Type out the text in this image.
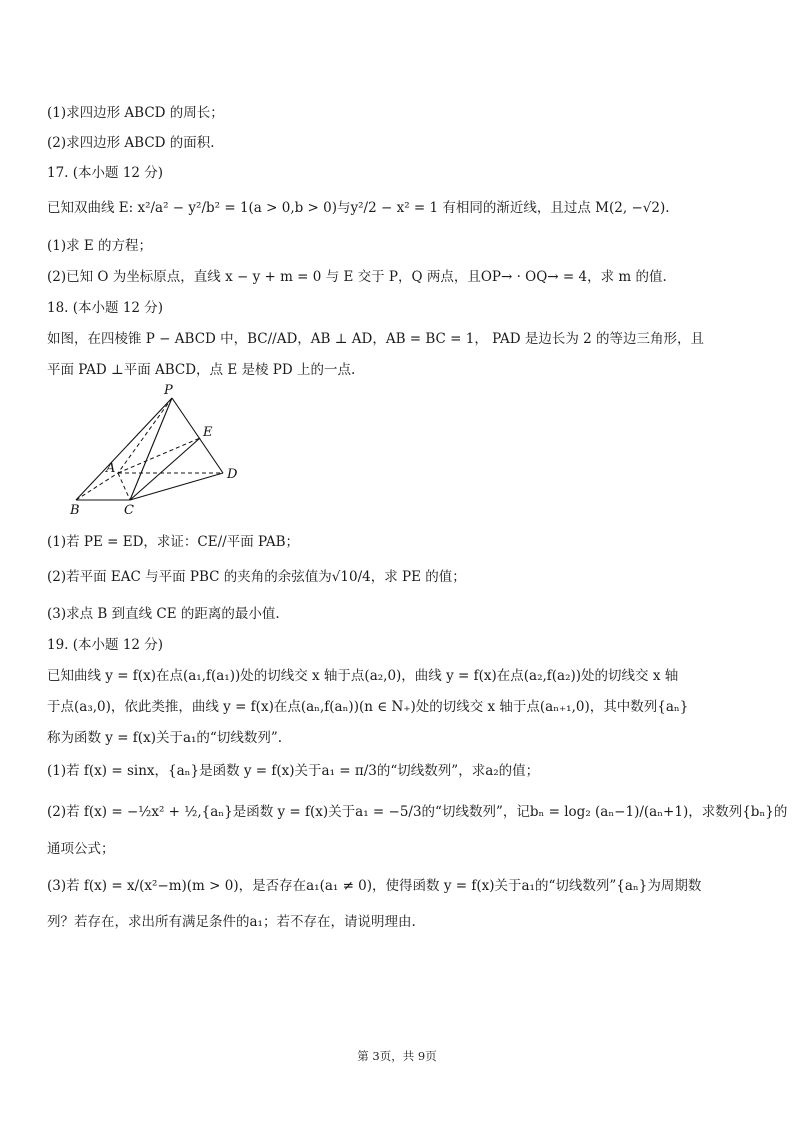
(1)求四边形 ABCD 的周长；
(2)求四边形 ABCD 的面积.
17. (本小题 12 分)
已知双曲线 E: x²/a² − y²/b² = 1(a > 0,b > 0)与y²/2 − x² = 1 有相同的渐近线，且过点 M(2, −√2).
(1)求 E 的方程；
(2)已知 O 为坐标原点，直线 x − y + m = 0 与 E 交于 P，Q 两点，且OP→ · OQ→ = 4，求 m 的值.
18. (本小题 12 分)
如图，在四棱锥 P − ABCD 中，BC//AD，AB ⊥ AD，AB = BC = 1， PAD 是边长为 2 的等边三角形，且
平面 PAD ⊥平面 ABCD，点 E 是棱 PD 上的一点.
P
E
A	D
B	C
(1)若 PE = ED，求证：CE//平面 PAB；
(2)若平面 EAC 与平面 PBC 的夹角的余弦值为√10/4，求 PE 的值；
(3)求点 B 到直线 CE 的距离的最小值.
19. (本小题 12 分)
已知曲线 y = f(x)在点(a₁,f(a₁))处的切线交 x 轴于点(a₂,0)，曲线 y = f(x)在点(a₂,f(a₂))处的切线交 x 轴
于点(a₃,0)，依此类推，曲线 y = f(x)在点(aₙ,f(aₙ))(n ∈ N₊)处的切线交 x 轴于点(aₙ₊₁,0)，其中数列{aₙ}
称为函数 y = f(x)关于a₁的“切线数列”.
(1)若 f(x) = sinx，{aₙ}是函数 y = f(x)关于a₁ = π/3的“切线数列”，求a₂的值；
(2)若 f(x) = −½x² + ½,{aₙ}是函数 y = f(x)关于a₁ = −5/3的“切线数列”，记bₙ = log₂ (aₙ−1)/(aₙ+1)，求数列{bₙ}的
通项公式；
(3)若 f(x) = x/(x²−m)(m > 0)，是否存在a₁(a₁ ≠ 0)，使得函数 y = f(x)关于a₁的“切线数列”{aₙ}为周期数
列？若存在，求出所有满足条件的a₁；若不存在，请说明理由.
第 3页，共 9页
